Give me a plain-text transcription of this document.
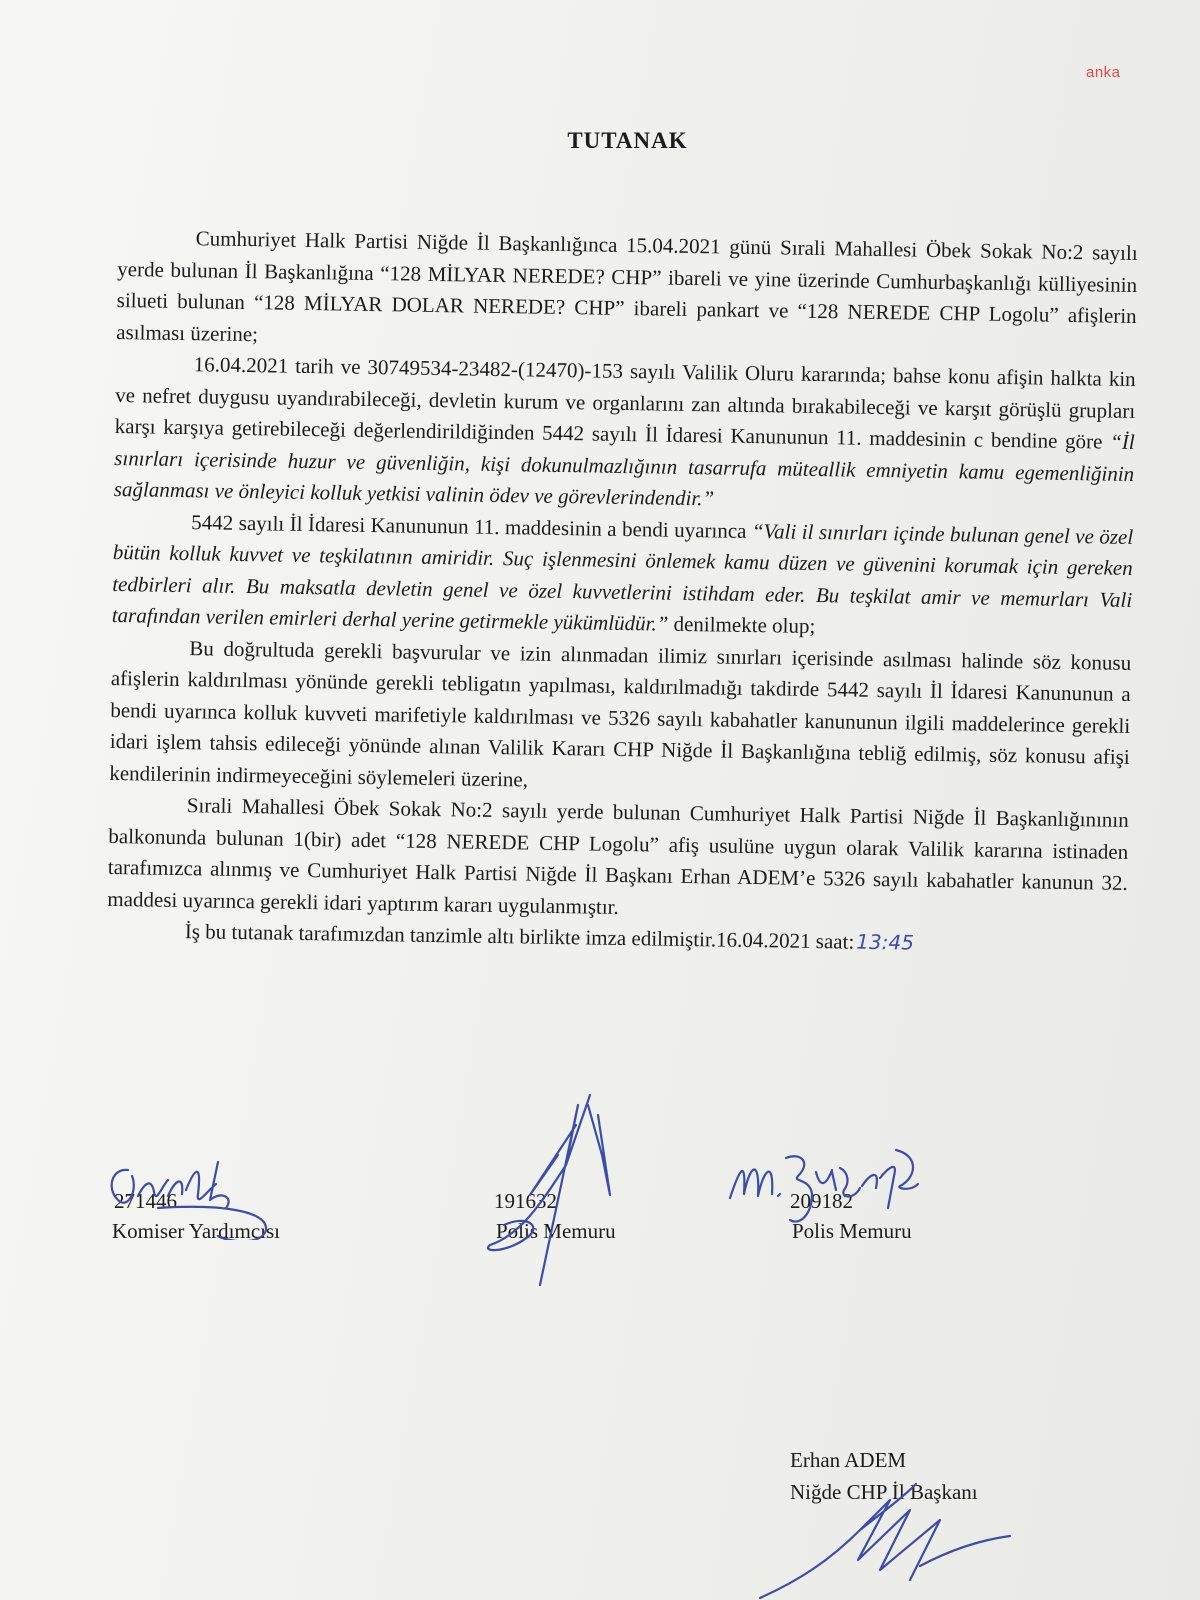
anka
TUTANAK

Cumhuriyet Halk Partisi Niğde İl Başkanlığınca 15.04.2021 günü Sırali Mahallesi Öbek Sokak No:2 sayılı yerde bulunan İl Başkanlığına “128 MİLYAR NEREDE? CHP” ibareli ve yine üzerinde Cumhurbaşkanlığı külliyesinin silueti bulunan “128 MİLYAR DOLAR NEREDE? CHP” ibareli pankart ve “128 NEREDE CHP Logolu” afişlerin asılması üzerine;

16.04.2021 tarih ve 30749534-23482-(12470)-153 sayılı Valilik Oluru kararında; bahse konu afişin halkta kin ve nefret duygusu uyandırabileceği, devletin kurum ve organlarını zan altında bırakabileceği ve karşıt görüşlü grupları karşı karşıya getirebileceği değerlendirildiğinden 5442 sayılı İl İdaresi Kanununun 11. maddesinin c bendine göre “İl sınırları içerisinde huzur ve güvenliğin, kişi dokunulmazlığının tasarrufa müteallik emniyetin kamu egemenliğinin sağlanması ve önleyici kolluk yetkisi valinin ödev ve görevlerindendir.”

5442 sayılı İl İdaresi Kanununun 11. maddesinin a bendi uyarınca “Vali il sınırları içinde bulunan genel ve özel bütün kolluk kuvvet ve teşkilatının amiridir. Suç işlenmesini önlemek kamu düzen ve güvenini korumak için gereken tedbirleri alır. Bu maksatla devletin genel ve özel kuvvetlerini istihdam eder. Bu teşkilat amir ve memurları Vali tarafından verilen emirleri derhal yerine getirmekle yükümlüdür.” denilmekte olup;

Bu doğrultuda gerekli başvurular ve izin alınmadan ilimiz sınırları içerisinde asılması halinde söz konusu afişlerin kaldırılması yönünde gerekli tebligatın yapılması, kaldırılmadığı takdirde 5442 sayılı İl İdaresi Kanununun a bendi uyarınca kolluk kuvveti marifetiyle kaldırılması ve 5326 sayılı kabahatler kanununun ilgili maddelerince gerekli idari işlem tahsis edileceği yönünde alınan Valilik Kararı CHP Niğde İl Başkanlığına tebliğ edilmiş, söz konusu afişi kendilerinin indirmeyeceğini söylemeleri üzerine,

Sırali Mahallesi Öbek Sokak No:2 sayılı yerde bulunan Cumhuriyet Halk Partisi Niğde İl Başkanlığınının balkonunda bulunan 1(bir) adet “128 NEREDE CHP Logolu” afiş usulüne uygun olarak Valilik kararına istinaden tarafımızca alınmış ve Cumhuriyet Halk Partisi Niğde İl Başkanı Erhan ADEM’e 5326 sayılı kabahatler kanunun 32. maddesi uyarınca gerekli idari yaptırım kararı uygulanmıştır.

İş bu tutanak tarafımızdan tanzimle altı birlikte imza edilmiştir.16.04.2021 saat:13:45

271446
Komiser Yardımcısı
191632
Polis Memuru
209182
Polis Memuru
Erhan ADEM
Niğde CHP İl Başkanı
